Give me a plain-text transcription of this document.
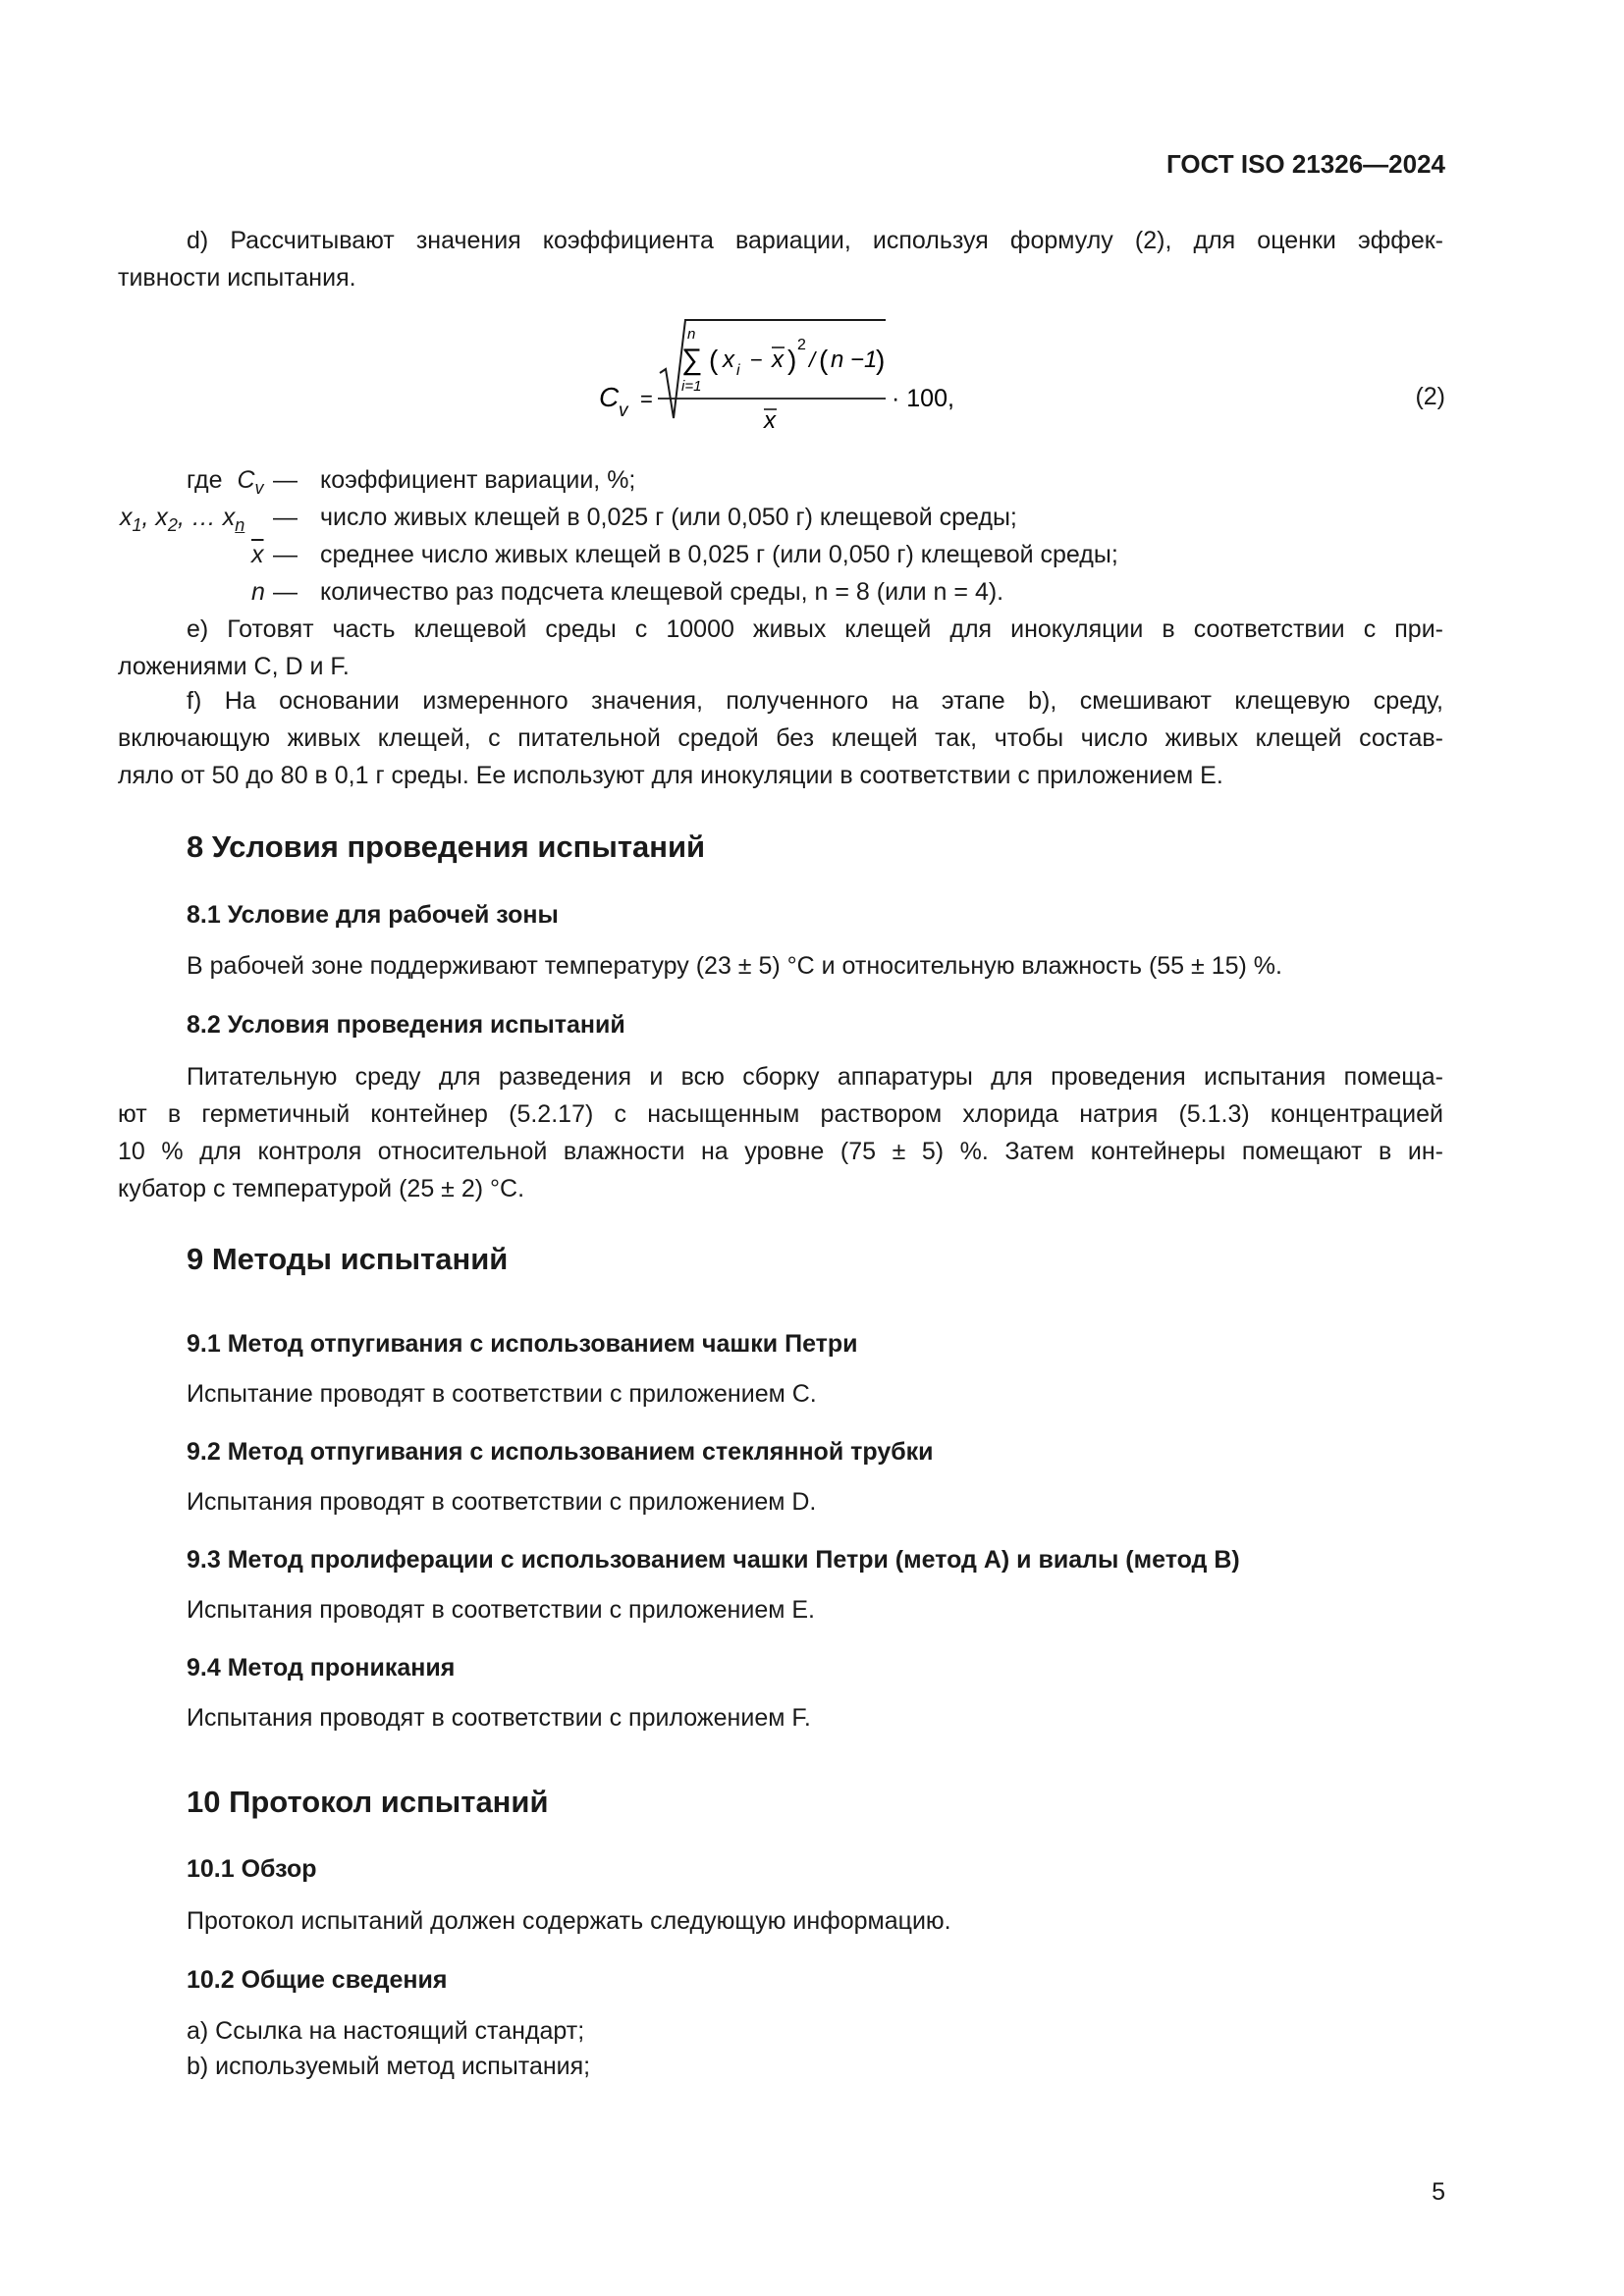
ГОСТ ISO 21326—2024
d) Рассчитывают значения коэффициента вариации, используя формулу (2), для оценки эффек-
тивности испытания.
C v =
n
∑
i=1
( x i − x ) 2
/ ( n −1
)
x
· 100,	(2)
где $C_v$ — коэффициент вариации, %;
$x_1$, $x_2$, … $x_n$ — число живых клещей в 0,025 г (или 0,050 г) клещевой среды;
$\overline{x}$ — среднее число живых клещей в 0,025 г (или 0,050 г) клещевой среды;
n — количество раз подсчета клещевой среды, n = 8 (или n = 4).
e) Готовят часть клещевой среды с 10000 живых клещей для инокуляции в соответствии с при-
ложениями C, D и F.
f) На основании измеренного значения, полученного на этапе b), смешивают клещевую среду,
включающую живых клещей, с питательной средой без клещей так, чтобы число живых клещей состав-
ляло от 50 до 80 в 0,1 г среды. Ее используют для инокуляции в соответствии с приложением E.
8 Условия проведения испытаний
8.1 Условие для рабочей зоны
В рабочей зоне поддерживают температуру (23 ± 5) °C и относительную влажность (55 ± 15) %.
8.2 Условия проведения испытаний
Питательную среду для разведения и всю сборку аппаратуры для проведения испытания помеща-
ют в герметичный контейнер (5.2.17) с насыщенным раствором хлорида натрия (5.1.3) концентрацией
10 % для контроля относительной влажности на уровне (75 ± 5) %. Затем контейнеры помещают в ин-
кубатор с температурой (25 ± 2) °C.
9 Методы испытаний
9.1 Метод отпугивания с использованием чашки Петри
Испытание проводят в соответствии с приложением C.
9.2 Метод отпугивания с использованием стеклянной трубки
Испытания проводят в соответствии с приложением D.
9.3 Метод пролиферации с использованием чашки Петри (метод A) и виалы (метод B)
Испытания проводят в соответствии с приложением E.
9.4 Метод проникания
Испытания проводят в соответствии с приложением F.
10 Протокол испытаний
10.1 Обзор
Протокол испытаний должен содержать следующую информацию.
10.2 Общие сведения
a) Ссылка на настоящий стандарт;
b) используемый метод испытания;
5
